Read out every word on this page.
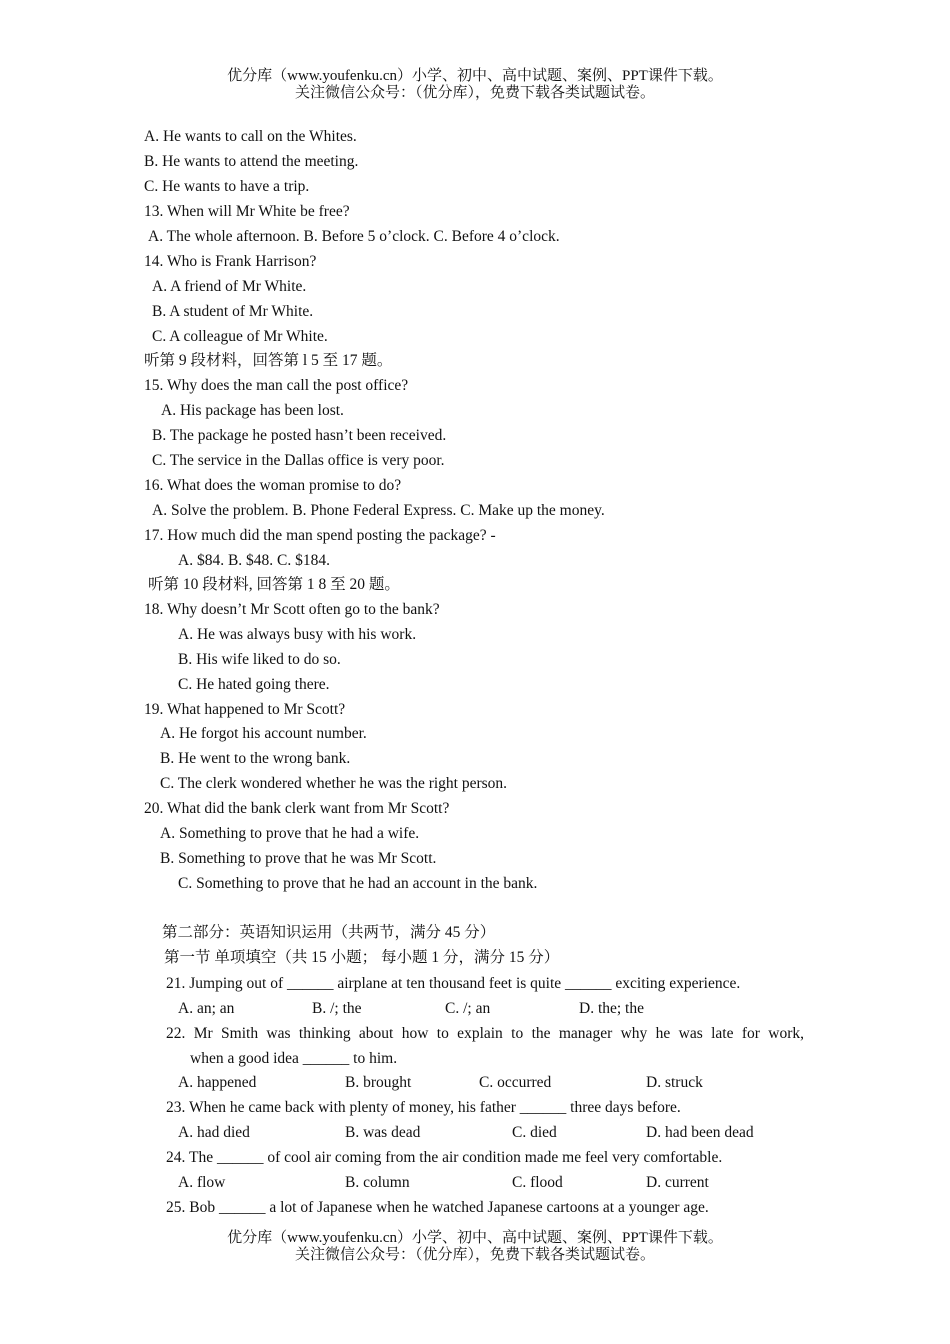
优分库（www.youfenku.cn）小学、初中、高中试题、案例、PPT课件下载。
关注微信公众号：（优分库），免费下载各类试题试卷。
A. He wants to call on the Whites.
B. He wants to attend the meeting.
C. He wants to have a trip.
13. When will Mr White be free?
A. The whole afternoon. B. Before 5 o’clock. C. Before 4 o’clock.
14. Who is Frank Harrison?
A. A friend of Mr White.
B. A student of Mr White.
C. A colleague of Mr White.
听第 9 段材料，回答第 l 5 至 17 题。
15. Why does the man call the post office?
A. His package has been lost.
B. The package he posted hasn’t been received.
C. The service in the Dallas office is very poor.
16. What does the woman promise to do?
A. Solve the problem. B. Phone Federal Express. C. Make up the money.
17. How much did the man spend posting the package? -
A. $84. B. $48. C. $184.
听第 10 段材料, 回答第 1 8 至 20 题。
18. Why doesn’t Mr Scott often go to the bank?
A. He was always busy with his work.
B. His wife liked to do so.
C. He hated going there.
19. What happened to Mr Scott?
A. He forgot his account number.
B. He went to the wrong bank.
C. The clerk wondered whether he was the right person.
20. What did the bank clerk want from Mr Scott?
A. Something to prove that he had a wife.
B. Something to prove that he was Mr Scott.
C. Something to prove that he had an account in the bank.
第二部分：英语知识运用（共两节，满分 45 分）
第一节 单项填空（共 15 小题； 每小题 1 分，满分 15 分）
21. Jumping out of ______ airplane at ten thousand feet is quite ______ exciting experience.
A. an; an	B. /; the	C. /; an	D. the; the
22. Mr Smith was thinking about how to explain to the manager why he was late for work,
when a good idea ______ to him.
A. happened	B. brought	C. occurred	D. struck
23. When he came back with plenty of money, his father ______ three days before.
A. had died	B. was dead	C. died	D. had been dead
24. The ______ of cool air coming from the air condition made me feel very comfortable.
A. flow	B. column	C. flood	D. current
25. Bob ______ a lot of Japanese when he watched Japanese cartoons at a younger age.
优分库（www.youfenku.cn）小学、初中、高中试题、案例、PPT课件下载。
关注微信公众号：（优分库），免费下载各类试题试卷。
